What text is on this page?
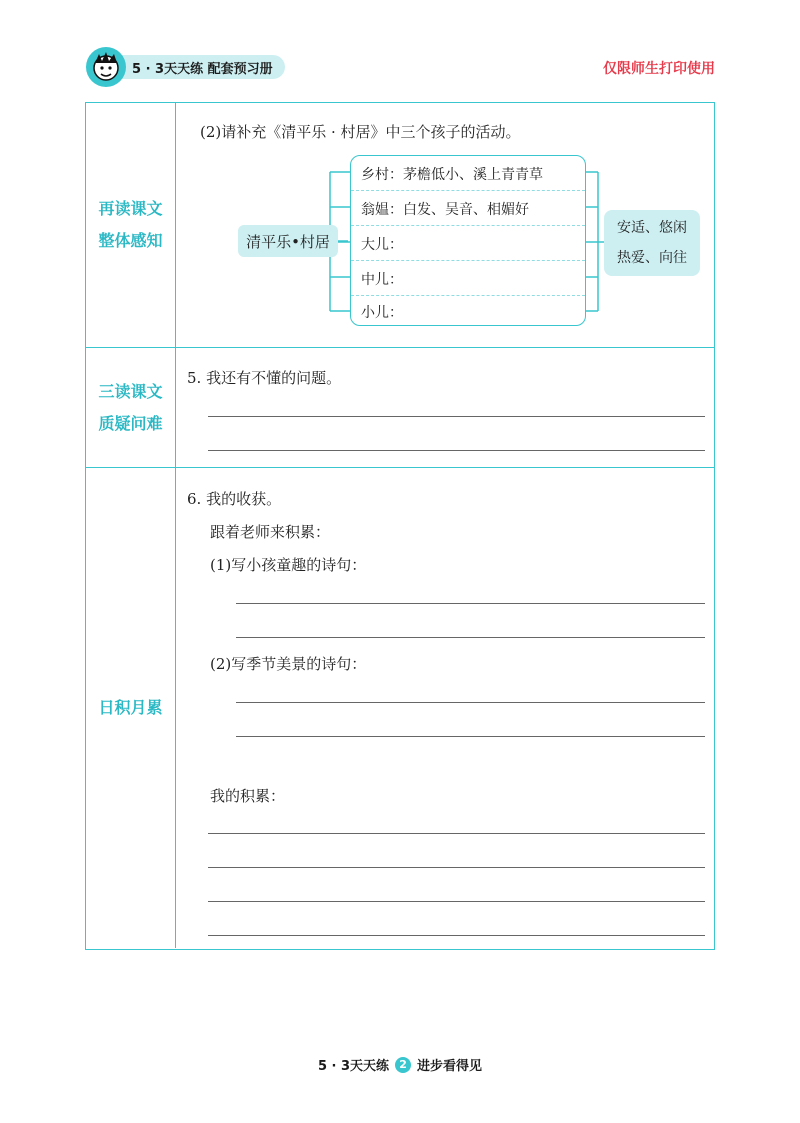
5 · 3天天练 配套预习册	仅限师生打印使用
再读课文
整体感知
三读课文
质疑问难
日积月累
(2)请补充《清平乐 · 村居》中三个孩子的活动。
清平乐•村居
乡村：茅檐低小、溪上青青草
翁媪：白发、吴音、相媚好
大儿：
中儿：
小儿：
安适、悠闲
热爱、向往
5. 我还有不懂的问题。
6. 我的收获。
跟着老师来积累：
(1)写小孩童趣的诗句：
(2)写季节美景的诗句：
我的积累：
5 · 3天天练 2 进步看得见
